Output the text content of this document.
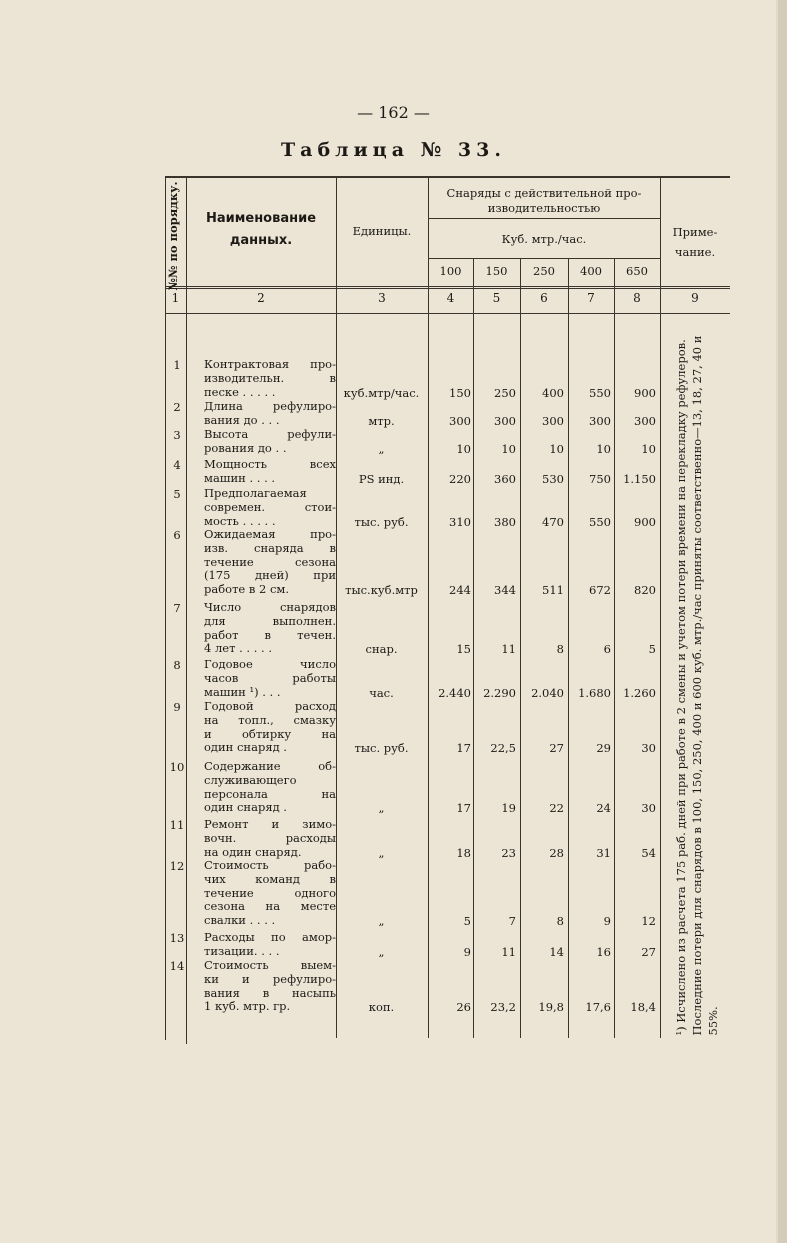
— 162 —
Таблица № 33.
№№ по порядку.	Наименование
данных.
Единицы.
Снаряды с действительной про-
изводительностью
Куб. мтр./час.
100	150	250	400	650
Приме-
чание.
1	2	3	4	5	6	7	8	9
1	Контрактовая про-
изводительн. в
песке . . . . .	куб.мтр/час.	150	250	400	550	900
2	Длина рефулиро-
вания до . . .	мтр.	300	300	300	300	300
3	Высота рефули-
рования до . .	„	10	10	10	10	10
4	Мощность всех
машин . . . .	PS инд.	220	360	530	750	1.150
5	Предполагаемая
современ. стои-
мость . . . . .	тыс. руб.	310	380	470	550	900
6	Ожидаемая про-
изв. снаряда в
течение сезона
(175 дней) при
работе в 2 см.	тыс.куб.мтр	244	344	511	672	820
7	Число снарядов
для выполнен.
работ в течен.
4 лет . . . . .	снар.	15	11	8	6	5
8	Годовое число
часов работы
машин ¹) . . .	час.	2.440	2.290	2.040	1.680	1.260
9	Годовой расход
на топл., смазку
и обтирку на
один снаряд .	тыс. руб.	17	22,5	27	29	30
10	Содержание об-
служивающего
персонала на
один снаряд .	„	17	19	22	24	30
11	Ремонт и зимо-
вочн. расходы
на один снаряд.	„	18	23	28	31	54
12	Стоимость рабо-
чих команд в
течение одного
сезона на месте
свалки . . . .	„	5	7	8	9	12
13	Расходы по амор-
тизации. . . .	„	9	11	14	16	27
14	Стоимость выем-
ки и рефулиро-
вания в насыпь
1 куб. мтр. гр.	коп.	26	23,2	19,8	17,6	18,4 ¹) Исчислено из расчета 175 раб. дней при работе в 2 смены и учетом потери времени на перекладку рефулеров. Последние потери для снарядов в 100, 150, 250, 400 и 600 куб. мтр./час приняты соответственно—13, 18, 27, 40 и 55%.
